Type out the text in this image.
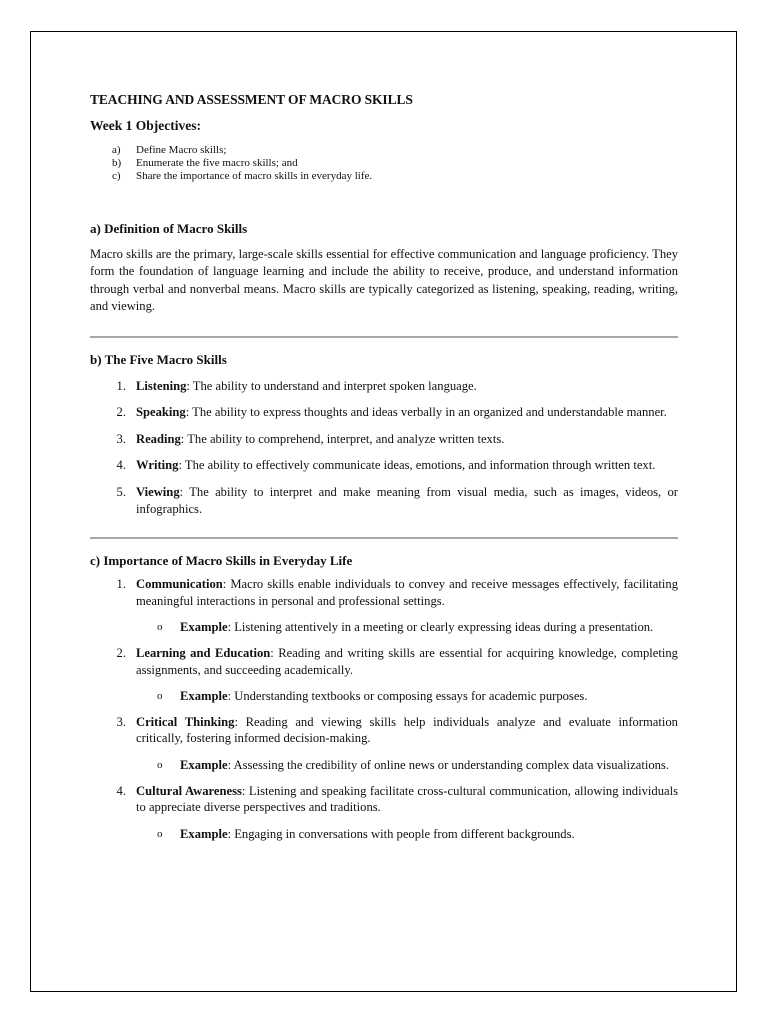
TEACHING AND ASSESSMENT OF MACRO SKILLS
Week 1 Objectives:
a)	Define Macro skills;
b)	Enumerate the five macro skills; and
c)	Share the importance of macro skills in everyday life.
a) Definition of Macro Skills

Macro skills are the primary, large-scale skills essential for effective communication and language proficiency. They form the foundation of language learning and include the ability to receive, produce, and understand information through verbal and nonverbal means. Macro skills are typically categorized as listening, speaking, reading, writing, and viewing.

b) The Five Macro Skills
1. Listening: The ability to understand and interpret spoken language.
2. Speaking: The ability to express thoughts and ideas verbally in an organized and understandable manner.
3. Reading: The ability to comprehend, interpret, and analyze written texts.
4. Writing: The ability to effectively communicate ideas, emotions, and information through written text.
5. Viewing: The ability to interpret and make meaning from visual media, such as images, videos, or infographics.
c) Importance of Macro Skills in Everyday Life
1. Communication: Macro skills enable individuals to convey and receive messages effectively, facilitating meaningful interactions in personal and professional settings.
o	Example: Listening attentively in a meeting or clearly expressing ideas during a presentation.
2. Learning and Education: Reading and writing skills are essential for acquiring knowledge, completing assignments, and succeeding academically.
o	Example: Understanding textbooks or composing essays for academic purposes.
3. Critical Thinking: Reading and viewing skills help individuals analyze and evaluate information critically, fostering informed decision-making.
o	Example: Assessing the credibility of online news or understanding complex data visualizations.
4. Cultural Awareness: Listening and speaking facilitate cross-cultural communication, allowing individuals to appreciate diverse perspectives and traditions.
o	Example: Engaging in conversations with people from different backgrounds.
